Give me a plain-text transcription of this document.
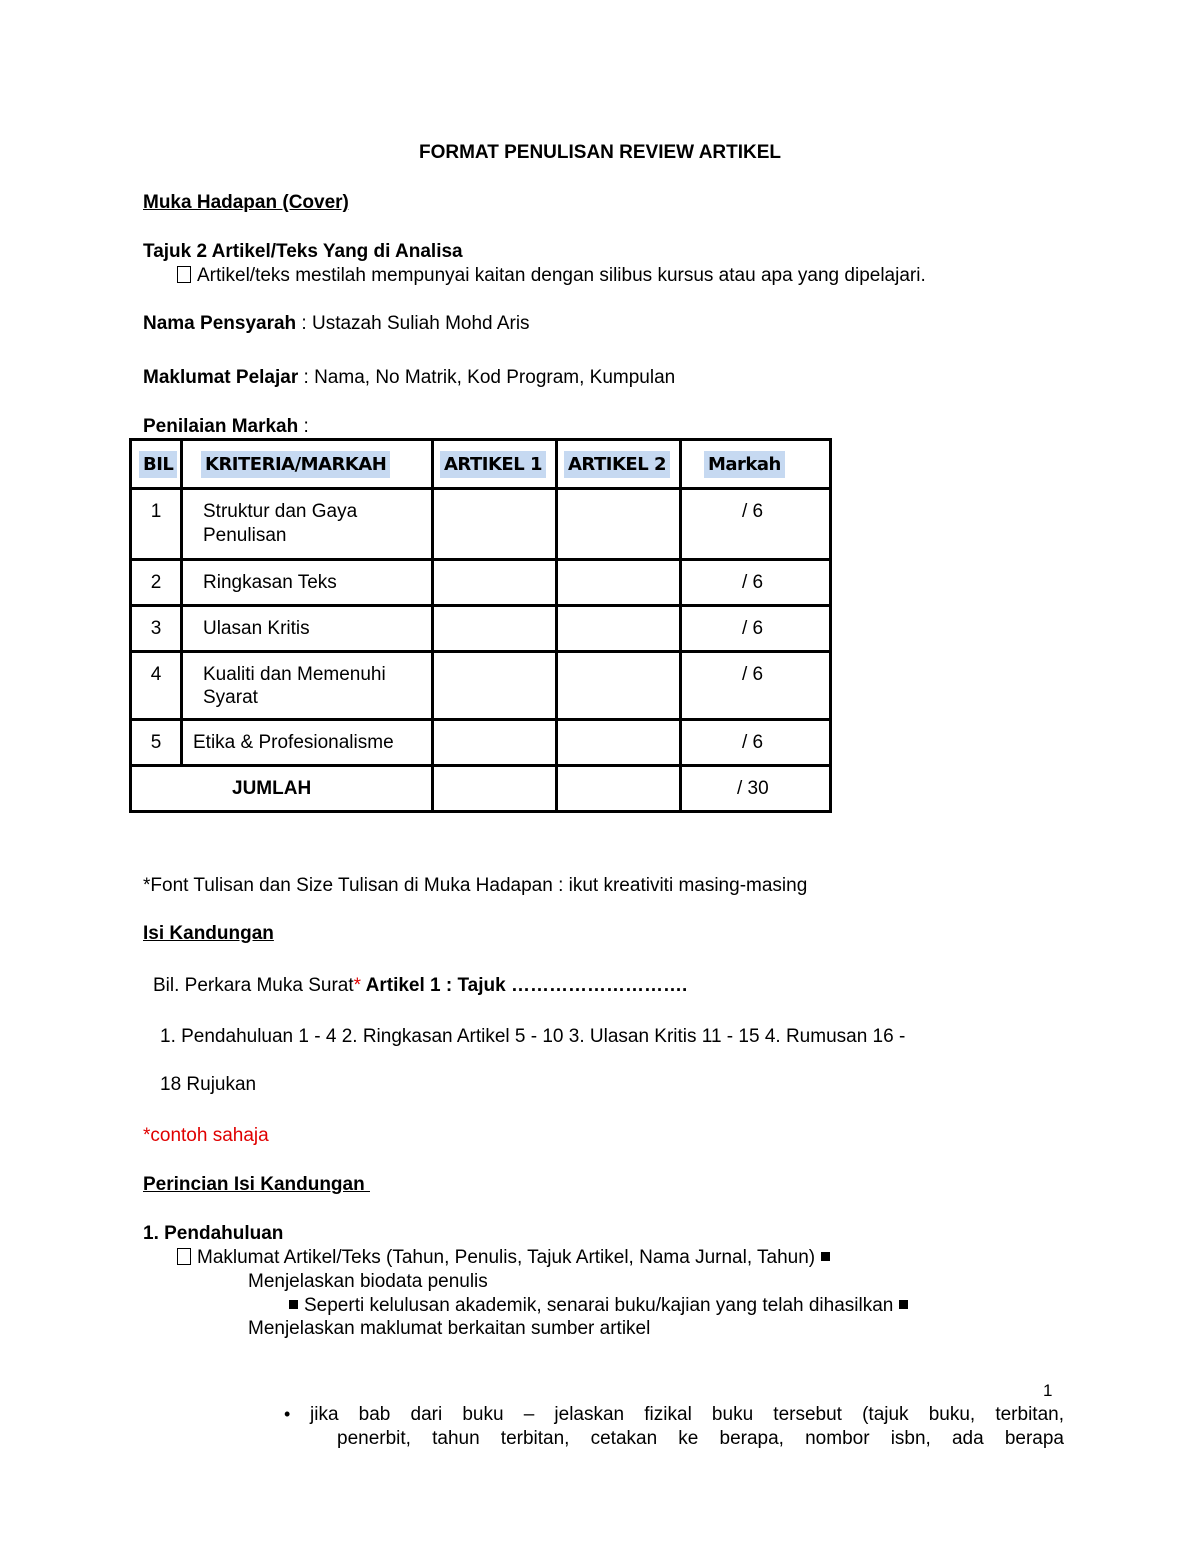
FORMAT PENULISAN REVIEW ARTIKEL
Muka Hadapan (Cover)
Tajuk 2 Artikel/Teks Yang di Analisa
Artikel/teks mestilah mempunyai kaitan dengan silibus kursus atau apa yang dipelajari.
Nama Pensyarah : Ustazah Suliah Mohd Aris
Maklumat Pelajar : Nama, No Matrik, Kod Program, Kumpulan
Penilaian Markah :
BIL	KRITERIA/MARKAH	ARTIKEL 1	ARTIKEL 2	Markah

1	Struktur dan Gaya Penulisan			/ 6

2	Ringkasan Teks			/ 6

3	Ulasan Kritis			/ 6

4	Kualiti dan Memenuhi  Syarat			/ 6

5	Etika & Profesionalisme			/ 6

JUMLAH				/ 30
*Font Tulisan dan Size Tulisan di Muka Hadapan : ikut kreativiti masing-masing
Isi Kandungan
Bil. Perkara Muka Surat* Artikel 1 : Tajuk ……………………….
1. Pendahuluan 1 - 4 2. Ringkasan Artikel 5 - 10 3. Ulasan Kritis 11 - 15 4. Rumusan 16 -
18 Rujukan
*contoh sahaja
Perincian Isi Kandungan
1. Pendahuluan
Maklumat Artikel/Teks (Tahun, Penulis, Tajuk Artikel, Nama Jurnal, Tahun)
Menjelaskan biodata penulis
Seperti kelulusan akademik, senarai buku/kajian yang telah dihasilkan
Menjelaskan maklumat berkaitan sumber artikel
1
• jika bab dari buku – jelaskan fizikal buku tersebut (tajuk buku, terbitan,
penerbit, tahun terbitan, cetakan ke berapa, nombor isbn, ada berapa
